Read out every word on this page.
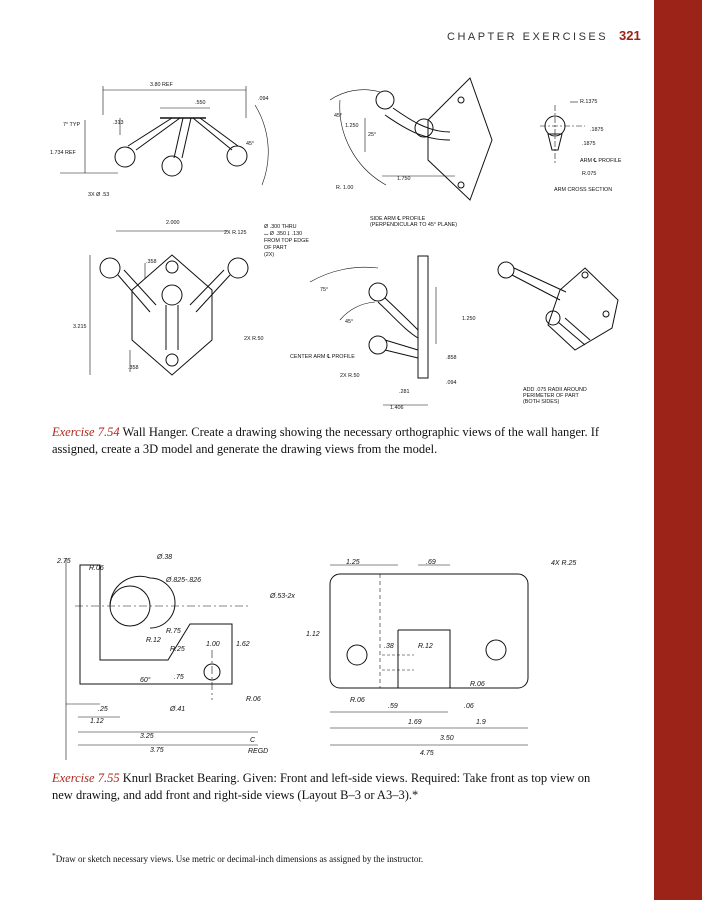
CHAPTER EXERCISES 321
3.80 REF
.550
.094
7° TYP	.313
1.734 REF
45°
3X Ø .53
45°
1.250
25°
1.750
R. 1.00
R.1375
.1875
.1875
ARM ℄ PROFILE
R.075
ARM CROSS SECTION
SIDE ARM ℄ PROFILE
(PERPENDICULAR TO 45° PLANE)
2.000
2X R.125
Ø .300 THRU
⌴ Ø .350 ↧ .130
FROM TOP EDGE
OF PART
(2X)
.358
3.215
2X R.50
.358
75°
45°	1.250
CENTER ARM ℄ PROFILE	.858
2X R.50
.094
.281
1.406
ADD .075 RADII AROUND
PERIMETER OF PART
(BOTH SIDES)
Exercise 7.54 Wall Hanger. Create a drawing showing the necessary orthographic views of the wall hanger. If assigned, create a 3D model and generate the drawing views from the model.
2.75
R.06
Ø.38
Ø.825-.826
R.75
R.12
R.25
1.00 1.62
60°	.75
R.06
.25	Ø.41
1.12
3.25
3.75
C
REGD
1.25	.69	4X R.25
Ø.53-2x
1.12
.38	R.12
R.06
R.06
.59	.06
1.69	1.9
3.50
4.75
Exercise 7.55 Knurl Bracket Bearing. Given: Front and left-side views. Required: Take front as top view on new drawing, and add front and right-side views (Layout B–3 or A3–3).*
*Draw or sketch necessary views. Use metric or decimal-inch dimensions as assigned by the instructor.
